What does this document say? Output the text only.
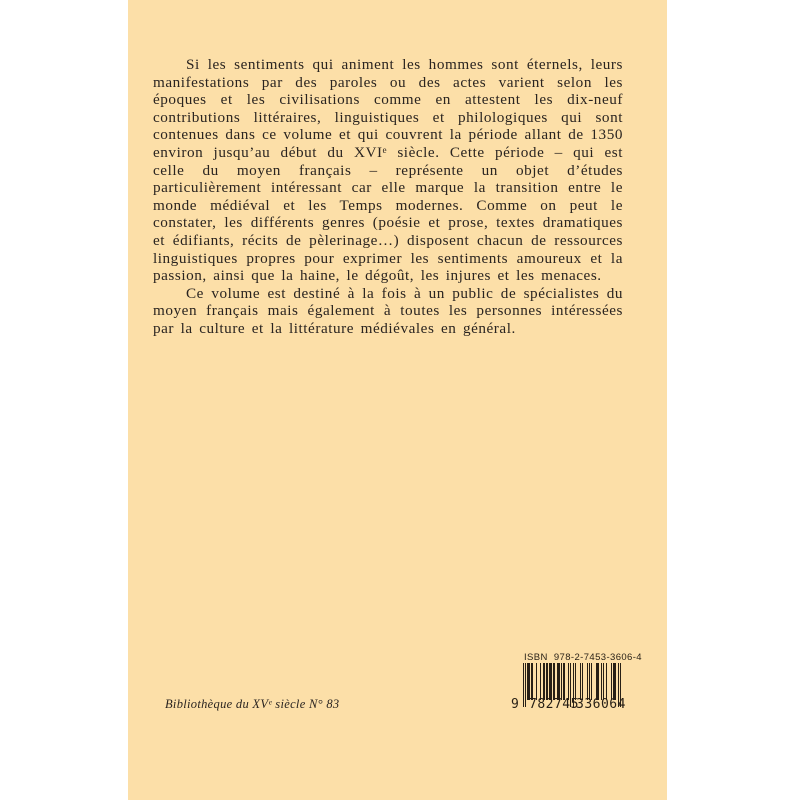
Si les sentiments qui animent les hommes sont éternels, leurs manifestations par des paroles ou des actes varient selon les époques et les civilisations comme en attestent les dix-neuf contributions littéraires, linguistiques et philologiques qui sont contenues dans ce volume et qui couvrent la période allant de 1350 environ jusqu’au début du XVIᵉ siècle. Cette période – qui est celle du moyen français – représente un objet d’études particulièrement intéressant car elle marque la transition entre le monde médiéval et les Temps modernes. Comme on peut le constater, les différents genres (poésie et prose, textes dramatiques et édifiants, récits de pèlerinage…) disposent chacun de ressources linguistiques propres pour exprimer les sentiments amoureux et la passion, ainsi que la haine, le dégoût, les injures et les menaces.

Ce volume est destiné à la fois à un public de spécialistes du moyen français mais également à toutes les personnes intéressées par la culture et la littérature médiévales en général.

Bibliothèque du XVᵉ siècle N° 83
ISBN  978-2-7453-3606-4
9 782745
336064
